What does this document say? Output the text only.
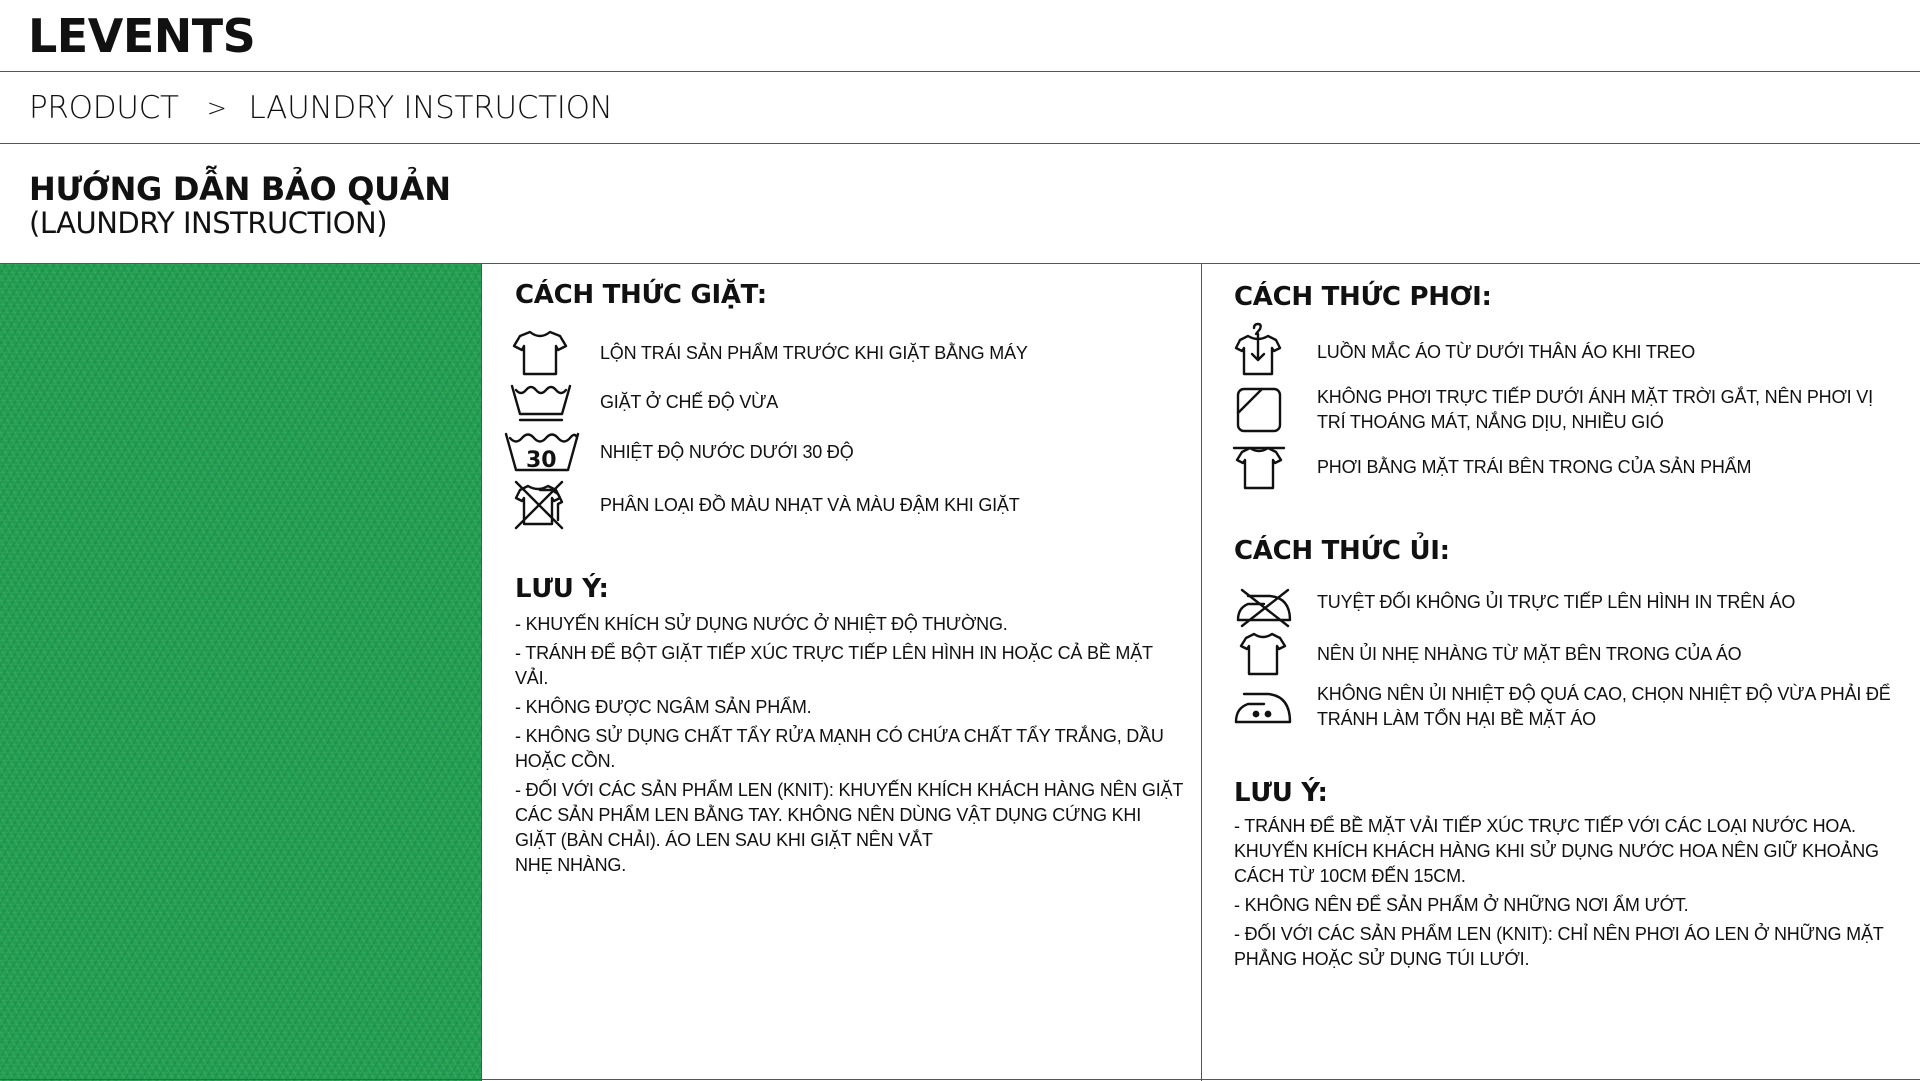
LEVENTS
PRODUCT > LAUNDRY INSTRUCTION
HƯỚNG DẪN BẢO QUẢN
(LAUNDRY INSTRUCTION)
CÁCH THỨC GIẶT:
LỘN TRÁI SẢN PHẨM TRƯỚC KHI GIẶT BẰNG MÁY
GIẶT Ở CHẾ ĐỘ VỪA
30 NHIỆT ĐỘ NƯỚC DƯỚI 30 ĐỘ
PHÂN LOẠI ĐỒ MÀU NHẠT VÀ MÀU ĐẬM KHI GIẶT
LƯU Ý:

- KHUYẾN KHÍCH SỬ DỤNG NƯỚC Ở NHIỆT ĐỘ THƯỜNG.

- TRÁNH ĐỂ BỘT GIẶT TIẾP XÚC TRỰC TIẾP LÊN HÌNH IN HOẶC CẢ BỀ MẶT VẢI.

- KHÔNG ĐƯỢC NGÂM SẢN PHẨM.

- KHÔNG SỬ DỤNG CHẤT TẨY RỬA MẠNH CÓ CHỨA CHẤT TẨY TRẮNG, DẦU HOẶC CỒN.

- ĐỐI VỚI CÁC SẢN PHẨM LEN (KNIT): KHUYẾN KHÍCH KHÁCH HÀNG NÊN GIẶT CÁC SẢN PHẨM LEN BẰNG TAY. KHÔNG NÊN DÙNG VẬT DỤNG CỨNG KHI GIẶT (BÀN CHẢI). ÁO LEN SAU KHI GIẶT NÊN VẮT

NHẸ NHÀNG.

CÁCH THỨC PHƠI:
LUỒN MẮC ÁO TỪ DƯỚI THÂN ÁO KHI TREO
KHÔNG PHƠI TRỰC TIẾP DƯỚI ÁNH MẶT TRỜI GẮT, NÊN PHƠI VỊ TRÍ THOÁNG MÁT, NẮNG DỊU, NHIỀU GIÓ
PHƠI BẰNG MẶT TRÁI BÊN TRONG CỦA SẢN PHẨM
CÁCH THỨC ỦI:
TUYỆT ĐỐI KHÔNG ỦI TRỰC TIẾP LÊN HÌNH IN TRÊN ÁO
NÊN ỦI NHẸ NHÀNG TỪ MẶT BÊN TRONG CỦA ÁO
KHÔNG NÊN ỦI NHIỆT ĐỘ QUÁ CAO, CHỌN NHIỆT ĐỘ VỪA PHẢI ĐỂ TRÁNH LÀM TỔN HẠI BỀ MẶT ÁO
LƯU Ý:

- TRÁNH ĐỂ BỀ MẶT VẢI TIẾP XÚC TRỰC TIẾP VỚI CÁC LOẠI NƯỚC HOA. KHUYẾN KHÍCH KHÁCH HÀNG KHI SỬ DỤNG NƯỚC HOA NÊN GIỮ KHOẢNG CÁCH TỪ 10CM ĐẾN 15CM.

- KHÔNG NÊN ĐỂ SẢN PHẨM Ở NHỮNG NƠI ẨM ƯỚT.

- ĐỐI VỚI CÁC SẢN PHẨM LEN (KNIT): CHỈ NÊN PHƠI ÁO LEN Ở NHỮNG MẶT PHẲNG HOẶC SỬ DỤNG TÚI LƯỚI.
